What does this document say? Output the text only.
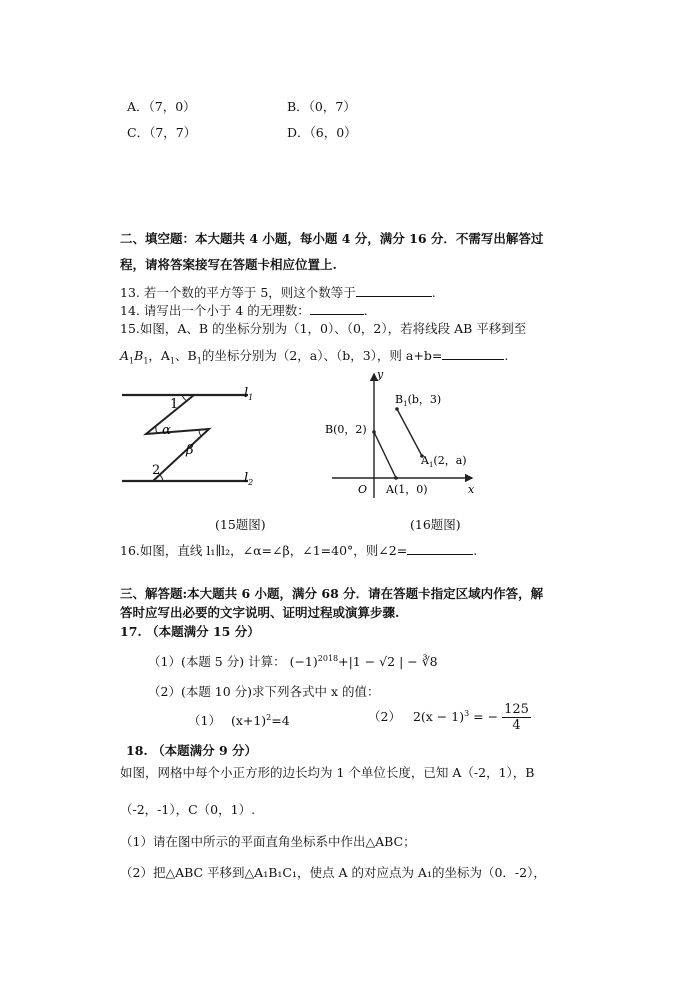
A．（7，0）	B．（0，7）
C．（7，7）	D．（6，0）
二、填空题：本大题共 4 小题，每小题 4 分，满分 16 分．不需写出解答过
程，请将答案接写在答题卡相应位置上.
13. 若一个数的平方等于 5，则这个数等于	.
14. 请写出一个小于 4 的无理数：	.
15.如图，A、B 的坐标分别为（1，0）、（0，2），若将线段 AB 平移到至
$A_1B_1$，$A_1$、$B_1$的坐标分别为（2，a）、（b，3），则 a+b=	.
1
α
β
2
$l_1$
$l_2$
x
y
O A(1，0)
B(0，2)
$B_1(b$，3)
$A_1(2$，a)
(15题图)	(16题图)
16.如图，直线 l₁∥l₂，∠α=∠β，∠1=40°，则∠2=	.
三、解答题:本大题共 6 小题，满分 68 分．请在答题卡指定区域内作答，解
答时应写出必要的文字说明、证明过程或演算步骤.
17. （本题满分 15 分）
（1）(本题 5 分) 计算： $(-1)^{2018}+|1 - √2$ | − ∛8
（2）(本题 10 分)求下列各式中 x 的值：
（1） $(x+1)^2=4$	（2） $2(x - 1)^3$ = − $\frac{125}{4}$
18. （本题满分 9 分）
如图，网格中每个小正方形的边长均为 1 个单位长度，已知 A（-2，1），B
（-2，-1），C（0，1）.
（1）请在图中所示的平面直角坐标系中作出△ABC；
（2）把△ABC 平移到△A₁B₁C₁，使点 A 的对应点为 A₁的坐标为（0．-2），
